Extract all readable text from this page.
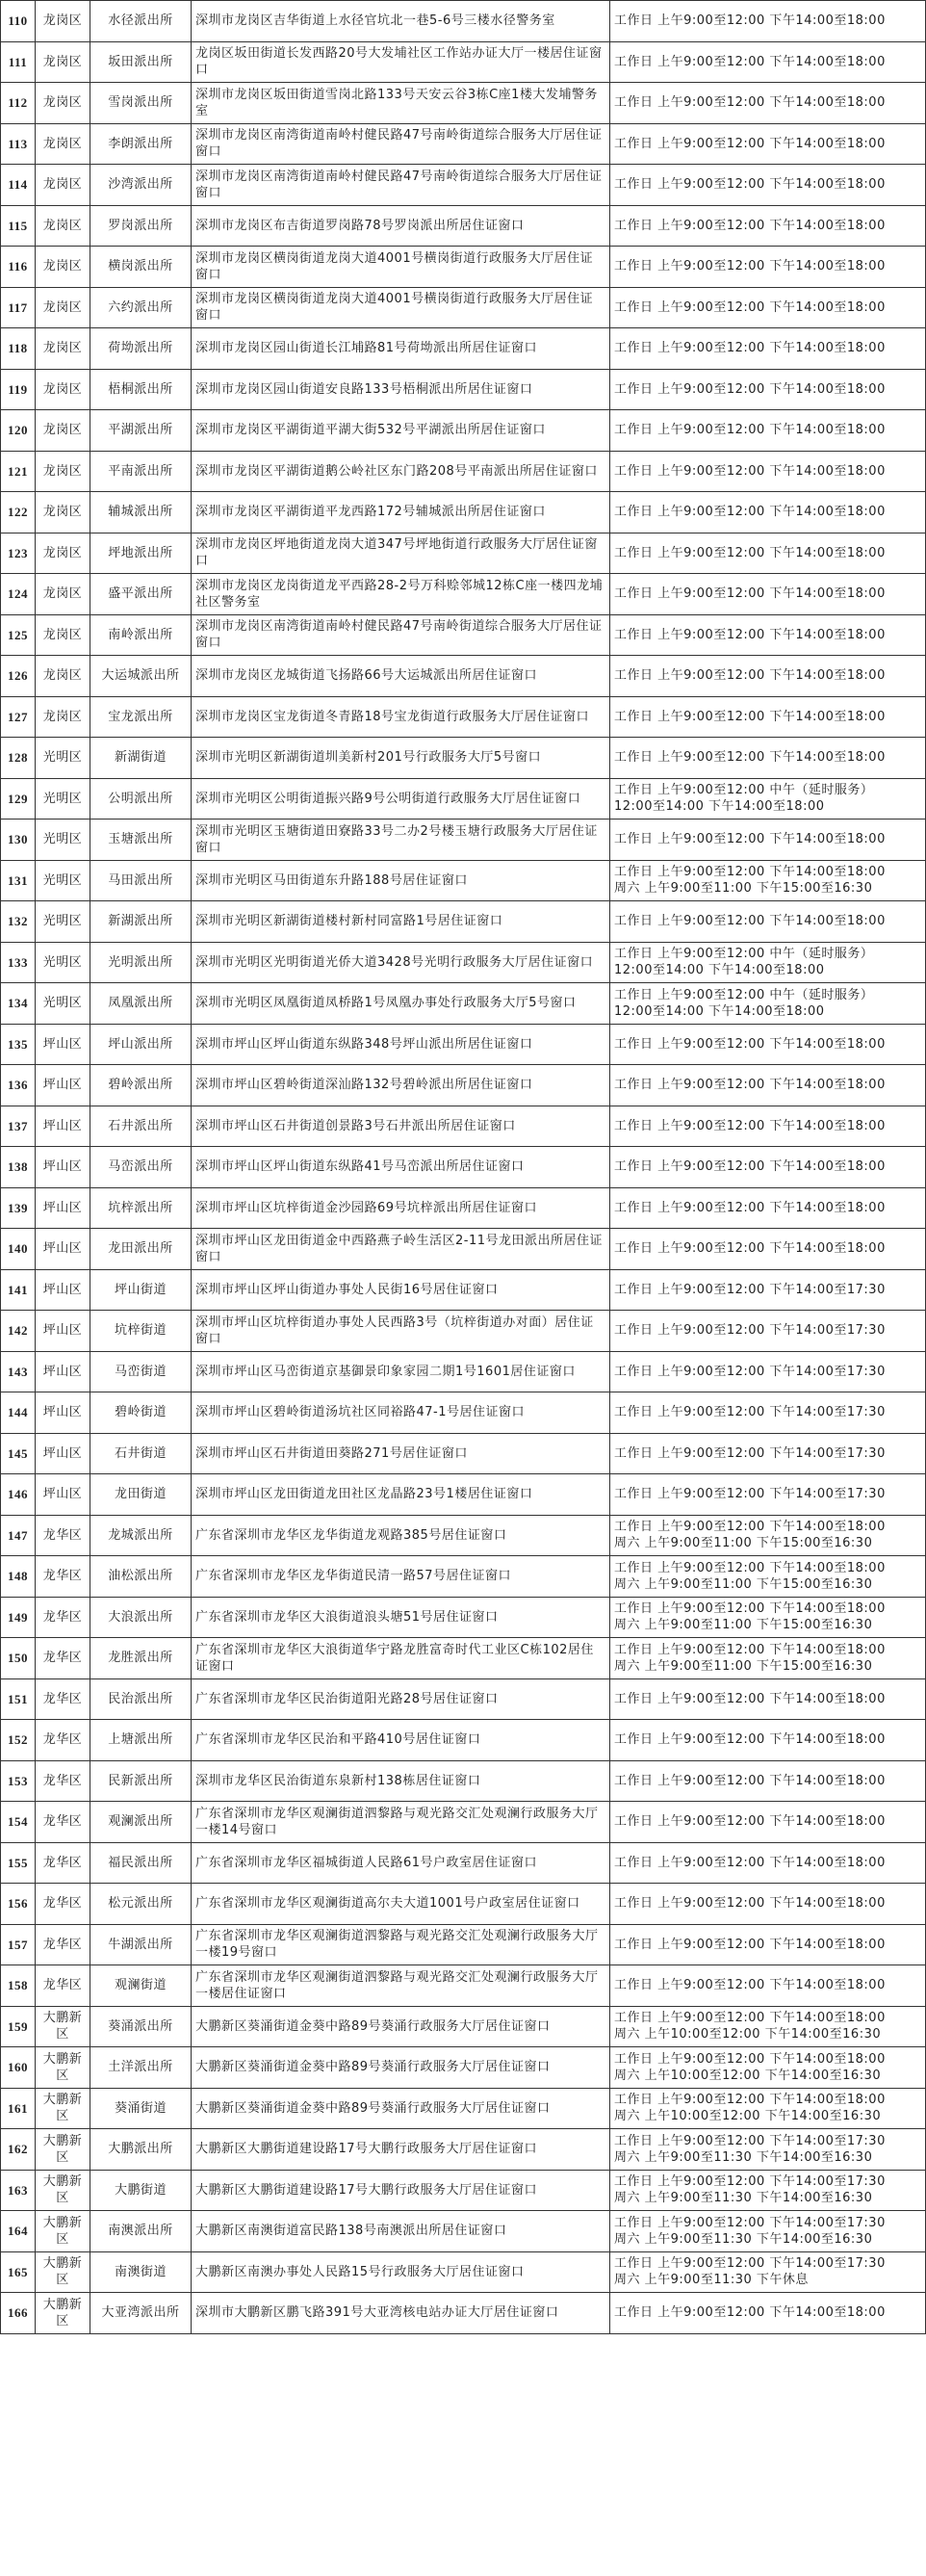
110	龙岗区	水径派出所	深圳市龙岗区吉华街道上水径官坑北一巷5-6号三楼水径警务室	工作日 上午9:00至12:00 下午14:00至18:00
111	龙岗区	坂田派出所	龙岗区坂田街道长发西路20号大发埔社区工作站办证大厅一楼居住证窗口	工作日 上午9:00至12:00 下午14:00至18:00
112	龙岗区	雪岗派出所	深圳市龙岗区坂田街道雪岗北路133号天安云谷3栋C座1楼大发埔警务室	工作日 上午9:00至12:00 下午14:00至18:00
113	龙岗区	李朗派出所	深圳市龙岗区南湾街道南岭村健民路47号南岭街道综合服务大厅居住证窗口	工作日 上午9:00至12:00 下午14:00至18:00
114	龙岗区	沙湾派出所	深圳市龙岗区南湾街道南岭村健民路47号南岭街道综合服务大厅居住证窗口	工作日 上午9:00至12:00 下午14:00至18:00
115	龙岗区	罗岗派出所	深圳市龙岗区布吉街道罗岗路78号罗岗派出所居住证窗口	工作日 上午9:00至12:00 下午14:00至18:00
116	龙岗区	横岗派出所	深圳市龙岗区横岗街道龙岗大道4001号横岗街道行政服务大厅居住证窗口	工作日 上午9:00至12:00 下午14:00至18:00
117	龙岗区	六约派出所	深圳市龙岗区横岗街道龙岗大道4001号横岗街道行政服务大厅居住证窗口	工作日 上午9:00至12:00 下午14:00至18:00
118	龙岗区	荷坳派出所	深圳市龙岗区园山街道长江埔路81号荷坳派出所居住证窗口	工作日 上午9:00至12:00 下午14:00至18:00
119	龙岗区	梧桐派出所	深圳市龙岗区园山街道安良路133号梧桐派出所居住证窗口	工作日 上午9:00至12:00 下午14:00至18:00
120	龙岗区	平湖派出所	深圳市龙岗区平湖街道平湖大街532号平湖派出所居住证窗口	工作日 上午9:00至12:00 下午14:00至18:00
121	龙岗区	平南派出所	深圳市龙岗区平湖街道鹅公岭社区东门路208号平南派出所居住证窗口	工作日 上午9:00至12:00 下午14:00至18:00
122	龙岗区	辅城派出所	深圳市龙岗区平湖街道平龙西路172号辅城派出所居住证窗口	工作日 上午9:00至12:00 下午14:00至18:00
123	龙岗区	坪地派出所	深圳市龙岗区坪地街道龙岗大道347号坪地街道行政服务大厅居住证窗口	工作日 上午9:00至12:00 下午14:00至18:00
124	龙岗区	盛平派出所	深圳市龙岗区龙岗街道龙平西路28-2号万科赊邻城12栋C座一楼四龙埔社区警务室	工作日 上午9:00至12:00 下午14:00至18:00
125	龙岗区	南岭派出所	深圳市龙岗区南湾街道南岭村健民路47号南岭街道综合服务大厅居住证窗口	工作日 上午9:00至12:00 下午14:00至18:00
126	龙岗区	大运城派出所	深圳市龙岗区龙城街道飞扬路66号大运城派出所居住证窗口	工作日 上午9:00至12:00 下午14:00至18:00
127	龙岗区	宝龙派出所	深圳市龙岗区宝龙街道冬青路18号宝龙街道行政服务大厅居住证窗口	工作日 上午9:00至12:00 下午14:00至18:00
128	光明区	新湖街道	深圳市光明区新湖街道圳美新村201号行政服务大厅5号窗口	工作日 上午9:00至12:00 下午14:00至18:00
129	光明区	公明派出所	深圳市光明区公明街道振兴路9号公明街道行政服务大厅居住证窗口	工作日 上午9:00至12:00 中午（延时服务）
12:00至14:00 下午14:00至18:00
130	光明区	玉塘派出所	深圳市光明区玉塘街道田寮路33号二办2号楼玉塘行政服务大厅居住证窗口	工作日 上午9:00至12:00 下午14:00至18:00
131	光明区	马田派出所	深圳市光明区马田街道东升路188号居住证窗口	工作日 上午9:00至12:00 下午14:00至18:00
周六 上午9:00至11:00 下午15:00至16:30
132	光明区	新湖派出所	深圳市光明区新湖街道楼村新村同富路1号居住证窗口	工作日 上午9:00至12:00 下午14:00至18:00
133	光明区	光明派出所	深圳市光明区光明街道光侨大道3428号光明行政服务大厅居住证窗口	工作日 上午9:00至12:00 中午（延时服务）
12:00至14:00 下午14:00至18:00
134	光明区	凤凰派出所	深圳市光明区凤凰街道凤桥路1号凤凰办事处行政服务大厅5号窗口	工作日 上午9:00至12:00 中午（延时服务）
12:00至14:00 下午14:00至18:00
135	坪山区	坪山派出所	深圳市坪山区坪山街道东纵路348号坪山派出所居住证窗口	工作日 上午9:00至12:00 下午14:00至18:00
136	坪山区	碧岭派出所	深圳市坪山区碧岭街道深汕路132号碧岭派出所居住证窗口	工作日 上午9:00至12:00 下午14:00至18:00
137	坪山区	石井派出所	深圳市坪山区石井街道创景路3号石井派出所居住证窗口	工作日 上午9:00至12:00 下午14:00至18:00
138	坪山区	马峦派出所	深圳市坪山区坪山街道东纵路41号马峦派出所居住证窗口	工作日 上午9:00至12:00 下午14:00至18:00
139	坪山区	坑梓派出所	深圳市坪山区坑梓街道金沙园路69号坑梓派出所居住证窗口	工作日 上午9:00至12:00 下午14:00至18:00
140	坪山区	龙田派出所	深圳市坪山区龙田街道金中西路燕子岭生活区2-11号龙田派出所居住证窗口	工作日 上午9:00至12:00 下午14:00至18:00
141	坪山区	坪山街道	深圳市坪山区坪山街道办事处人民街16号居住证窗口	工作日 上午9:00至12:00 下午14:00至17:30
142	坪山区	坑梓街道	深圳市坪山区坑梓街道办事处人民西路3号（坑梓街道办对面）居住证窗口	工作日 上午9:00至12:00 下午14:00至17:30
143	坪山区	马峦街道	深圳市坪山区马峦街道京基御景印象家园二期1号1601居住证窗口	工作日 上午9:00至12:00 下午14:00至17:30
144	坪山区	碧岭街道	深圳市坪山区碧岭街道汤坑社区同裕路47-1号居住证窗口	工作日 上午9:00至12:00 下午14:00至17:30
145	坪山区	石井街道	深圳市坪山区石井街道田葵路271号居住证窗口	工作日 上午9:00至12:00 下午14:00至17:30
146	坪山区	龙田街道	深圳市坪山区龙田街道龙田社区龙晶路23号1楼居住证窗口	工作日 上午9:00至12:00 下午14:00至17:30
147	龙华区	龙城派出所	广东省深圳市龙华区龙华街道龙观路385号居住证窗口	工作日 上午9:00至12:00 下午14:00至18:00
周六 上午9:00至11:00 下午15:00至16:30
148	龙华区	油松派出所	广东省深圳市龙华区龙华街道民清一路57号居住证窗口	工作日 上午9:00至12:00 下午14:00至18:00
周六 上午9:00至11:00 下午15:00至16:30
149	龙华区	大浪派出所	广东省深圳市龙华区大浪街道浪头塘51号居住证窗口	工作日 上午9:00至12:00 下午14:00至18:00
周六 上午9:00至11:00 下午15:00至16:30
150	龙华区	龙胜派出所	广东省深圳市龙华区大浪街道华宁路龙胜富奇时代工业区C栋102居住证窗口	工作日 上午9:00至12:00 下午14:00至18:00
周六 上午9:00至11:00 下午15:00至16:30
151	龙华区	民治派出所	广东省深圳市龙华区民治街道阳光路28号居住证窗口	工作日 上午9:00至12:00 下午14:00至18:00
152	龙华区	上塘派出所	广东省深圳市龙华区民治和平路410号居住证窗口	工作日 上午9:00至12:00 下午14:00至18:00
153	龙华区	民新派出所	深圳市龙华区民治街道东泉新村138栋居住证窗口	工作日 上午9:00至12:00 下午14:00至18:00
154	龙华区	观澜派出所	广东省深圳市龙华区观澜街道泗黎路与观光路交汇处观澜行政服务大厅一楼14号窗口	工作日 上午9:00至12:00 下午14:00至18:00
155	龙华区	福民派出所	广东省深圳市龙华区福城街道人民路61号户政室居住证窗口	工作日 上午9:00至12:00 下午14:00至18:00
156	龙华区	松元派出所	广东省深圳市龙华区观澜街道高尔夫大道1001号户政室居住证窗口	工作日 上午9:00至12:00 下午14:00至18:00
157	龙华区	牛湖派出所	广东省深圳市龙华区观澜街道泗黎路与观光路交汇处观澜行政服务大厅一楼19号窗口	工作日 上午9:00至12:00 下午14:00至18:00
158	龙华区	观澜街道	广东省深圳市龙华区观澜街道泗黎路与观光路交汇处观澜行政服务大厅一楼居住证窗口	工作日 上午9:00至12:00 下午14:00至18:00
159	大鹏新区	葵涌派出所	大鹏新区葵涌街道金葵中路89号葵涌行政服务大厅居住证窗口	工作日 上午9:00至12:00 下午14:00至18:00
周六 上午10:00至12:00 下午14:00至16:30
160	大鹏新区	土洋派出所	大鹏新区葵涌街道金葵中路89号葵涌行政服务大厅居住证窗口	工作日 上午9:00至12:00 下午14:00至18:00
周六 上午10:00至12:00 下午14:00至16:30
161	大鹏新区	葵涌街道	大鹏新区葵涌街道金葵中路89号葵涌行政服务大厅居住证窗口	工作日 上午9:00至12:00 下午14:00至18:00
周六 上午10:00至12:00 下午14:00至16:30
162	大鹏新区	大鹏派出所	大鹏新区大鹏街道建设路17号大鹏行政服务大厅居住证窗口	工作日 上午9:00至12:00 下午14:00至17:30
周六 上午9:00至11:30 下午14:00至16:30
163	大鹏新区	大鹏街道	大鹏新区大鹏街道建设路17号大鹏行政服务大厅居住证窗口	工作日 上午9:00至12:00 下午14:00至17:30
周六 上午9:00至11:30 下午14:00至16:30
164	大鹏新区	南澳派出所	大鹏新区南澳街道富民路138号南澳派出所居住证窗口	工作日 上午9:00至12:00 下午14:00至17:30
周六 上午9:00至11:30 下午14:00至16:30
165	大鹏新区	南澳街道	大鹏新区南澳办事处人民路15号行政服务大厅居住证窗口	工作日 上午9:00至12:00 下午14:00至17:30
周六 上午9:00至11:30 下午休息
166	大鹏新区	大亚湾派出所	深圳市大鹏新区鹏飞路391号大亚湾核电站办证大厅居住证窗口	工作日 上午9:00至12:00 下午14:00至18:00
